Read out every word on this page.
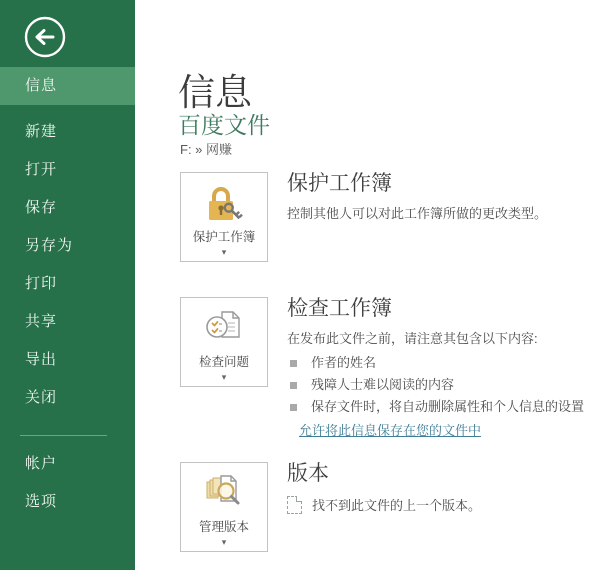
信息
新建
打开
保存
另存为
打印
共享
导出
关闭
帐户
选项
信息
百度文件
F: » 网赚
保护工作簿
▾
保护工作簿

控制其他人可以对此工作簿所做的更改类型。

检查问题
▾
检查工作簿

在发布此文件之前，请注意其包含以下内容:

作者的姓名
残障人士难以阅读的内容
保存文件时，将自动删除属性和个人信息的设置
允许将此信息保存在您的文件中
管理版本
▾
版本
找不到此文件的上一个版本。
